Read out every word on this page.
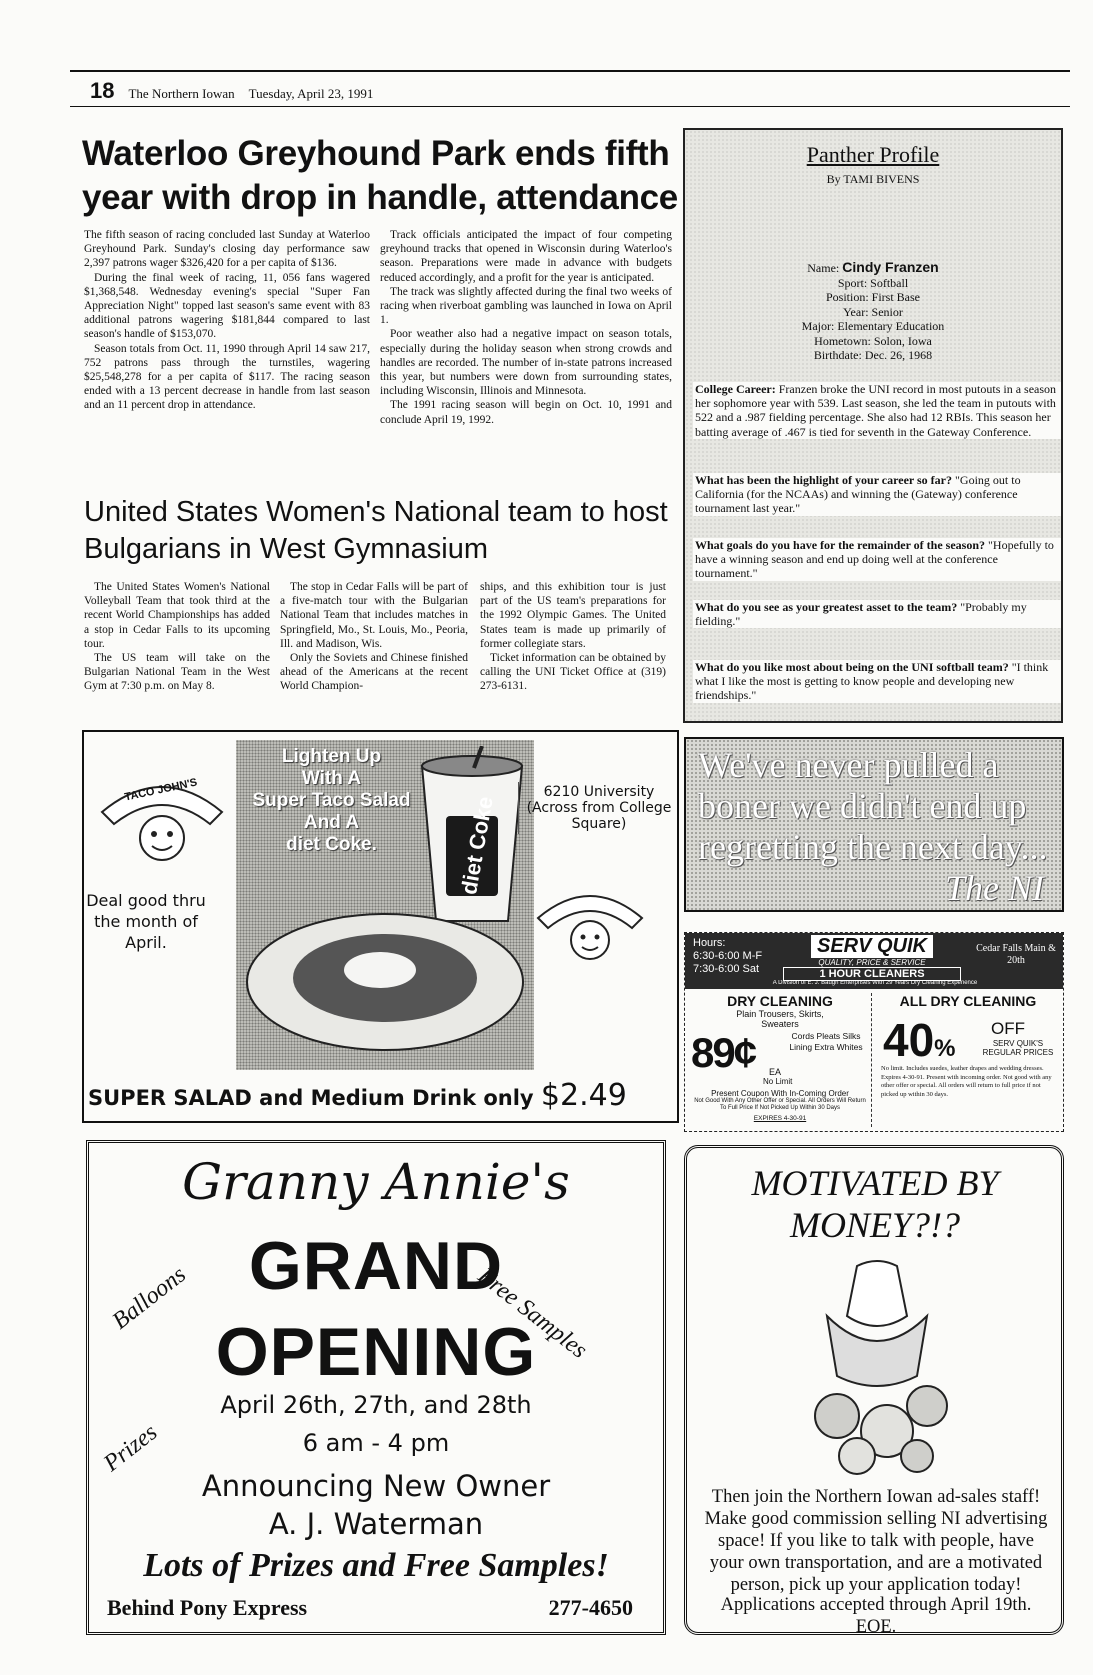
18 The Northern Iowan Tuesday, April 23, 1991
Waterloo Greyhound Park ends fifth year with drop in handle, attendance

The fifth season of racing concluded last Sunday at Waterloo Greyhound Park. Sunday's closing day performance saw 2,397 patrons wager $326,420 for a per capita of $136.

During the final week of racing, 11, 056 fans wagered $1,368,548. Wednesday evening's special "Super Fan Appreciation Night" topped last season's same event with 83 additional patrons wagering $181,844 compared to last season's handle of $153,070.

Season totals from Oct. 11, 1990 through April 14 saw 217, 752 patrons pass through the turnstiles, wagering $25,548,278 for a per capita of $117. The racing season ended with a 13 percent decrease in handle from last season and an 11 percent drop in attendance.

Track officials anticipated the impact of four competing greyhound tracks that opened in Wisconsin during Waterloo's season. Preparations were made in advance with budgets reduced accordingly, and a profit for the year is anticipated.

The track was slightly affected during the final two weeks of racing when riverboat gambling was launched in Iowa on April 1.

Poor weather also had a negative impact on season totals, especially during the holiday season when strong crowds and handles are recorded. The number of in-state patrons increased this year, but numbers were down from surrounding states, including Wisconsin, Illinois and Minnesota.

The 1991 racing season will begin on Oct. 10, 1991 and conclude April 19, 1992.

United States Women's National team to host Bulgarians in West Gymnasium

The United States Women's National Volleyball Team that took third at the recent World Championships has added a stop in Cedar Falls to its upcoming tour.

The US team will take on the Bulgarian National Team in the West Gym at 7:30 p.m. on May 8.

The stop in Cedar Falls will be part of a five-match tour with the Bulgarian National Team that includes matches in Springfield, Mo., St. Louis, Mo., Peoria, Ill. and Madison, Wis.

Only the Soviets and Chinese finished ahead of the Americans at the recent World Champion-

ships, and this exhibition tour is just part of the US team's preparations for the 1992 Olympic Games. The United States team is made up primarily of former collegiate stars.

Ticket information can be obtained by calling the UNI Ticket Office at (319) 273-6131.

Panther Profile
By TAMI BIVENS
Name: Cindy Franzen
Sport: Softball
Position: First Base
Year: Senior
Major: Elementary Education
Hometown: Solon, Iowa
Birthdate: Dec. 26, 1968
College Career: Franzen broke the UNI record in most putouts in a season her sophomore year with 539. Last season, she led the team in putouts with 522 and a .987 fielding percentage. She also had 12 RBIs. This season her batting average of .467 is tied for seventh in the Gateway Conference.
What has been the highlight of your career so far? "Going out to California (for the NCAAs) and winning the (Gateway) conference tournament last year."
What goals do you have for the remainder of the season? "Hopefully to have a winning season and end up doing well at the conference tournament."
What do you see as your greatest asset to the team? "Probably my fielding."
What do you like most about being on the UNI softball team? "I think what I like the most is getting to know people and developing new friendships."
Lighten Up
With A
Super Taco Salad
And A
diet Coke.	diet Coke
TACO JOHN'S	6210 University (Across from College Square)
Deal good thru the month of April.
SUPER SALAD and Medium Drink only $2.49
We've never pulled a boner we didn't end up regretting the next day...
The NI
Hours:
6:30-6:00 M-F
7:30-6:00 Sat
SERV QUIK
QUALITY, PRICE & SERVICE
1 HOUR CLEANERS
Cedar Falls Main & 20th
A Division of E. J. Baugh Enterprises With 29 Years Dry Cleaning Experience
DRY CLEANING
Plain Trousers, Skirts, Sweaters
89¢ EA
No Limit
Cords Pleats Silks Lining Extra Whites
Present Coupon With In-Coming Order
Not Good With Any Other Offer or Special. All Orders Will Return To Full Price If Not Picked Up Within 30 Days
EXPIRES 4-30-91
ALL DRY CLEANING
40%
OFF
SERV QUIK'S REGULAR PRICES
No limit. Includes suedes, leather drapes and wedding dresses. Expires 4-30-91. Present with incoming order. Not good with any other offer or special. All orders will return to full price if not picked up within 30 days.
Granny Annie's
GRAND
OPENING
Balloons	Free Samples
Prizes
April 26th, 27th, and 28th
6 am - 4 pm
Announcing New Owner
A. J. Waterman
Lots of Prizes and Free Samples!
Behind Pony Express	277-4650
MOTIVATED BY MONEY?!?
Then join the Northern Iowan ad-sales staff! Make good commission selling NI advertising space! If you like to talk with people, have your own transportation, and are a motivated person, pick up your application today!
Applications accepted through April 19th. EOE.
